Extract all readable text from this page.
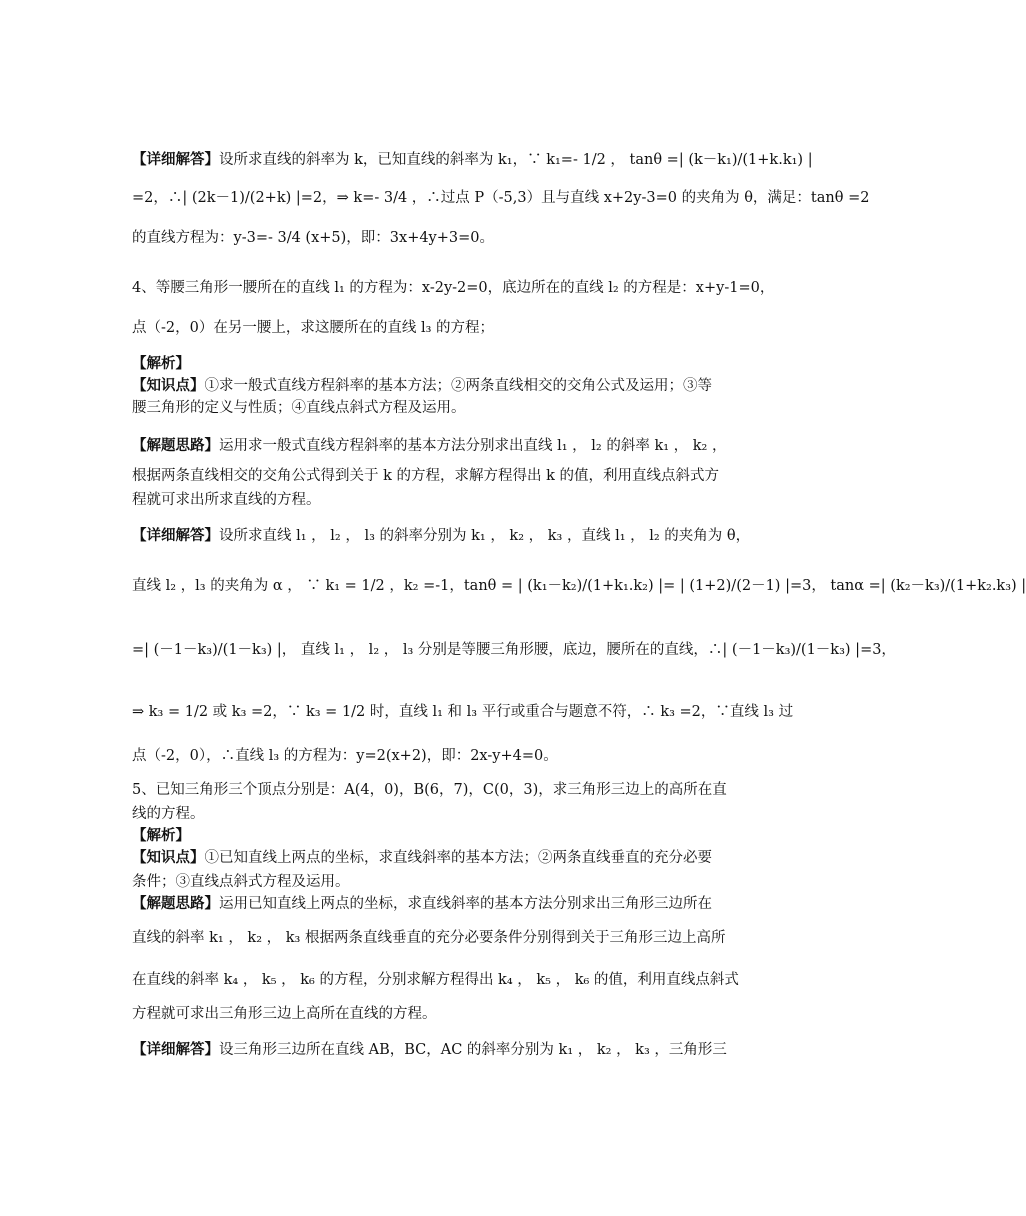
【详细解答】设所求直线的斜率为 k，已知直线的斜率为 k₁，∵ k₁=- 1/2 ， tanθ =| (k－k₁)/(1+k.k₁) |
=2，∴| (2k－1)/(2+k) |=2，⇒ k=- 3/4 ，∴过点 P（-5,3）且与直线 x+2y-3=0 的夹角为 θ，满足：tanθ =2
的直线方程为：y-3=- 3/4 (x+5)，即：3x+4y+3=0。
4、等腰三角形一腰所在的直线 l₁ 的方程为：x-2y-2=0，底边所在的直线 l₂ 的方程是：x+y-1=0，
点（-2，0）在另一腰上，求这腰所在的直线 l₃ 的方程；
【解析】
【知识点】①求一般式直线方程斜率的基本方法；②两条直线相交的交角公式及运用；③等
腰三角形的定义与性质；④直线点斜式方程及运用。
【解题思路】运用求一般式直线方程斜率的基本方法分别求出直线 l₁ ， l₂ 的斜率 k₁ ， k₂ ，
根据两条直线相交的交角公式得到关于 k 的方程，求解方程得出 k 的值，利用直线点斜式方
程就可求出所求直线的方程。
【详细解答】设所求直线 l₁ ， l₂ ， l₃ 的斜率分别为 k₁ ， k₂ ， k₃ ，直线 l₁ ， l₂ 的夹角为 θ，
直线 l₂ ，l₃ 的夹角为 α ， ∵ k₁ = 1/2 ，k₂ =-1，tanθ = | (k₁－k₂)/(1+k₁.k₂) |= | (1+2)/(2－1) |=3， tanα =| (k₂－k₃)/(1+k₂.k₃) |
=| (－1－k₃)/(1－k₃) |， 直线 l₁ ， l₂ ， l₃ 分别是等腰三角形腰，底边，腰所在的直线，∴| (－1－k₃)/(1－k₃) |=3，
⇒ k₃ = 1/2 或 k₃ =2，∵ k₃ = 1/2 时，直线 l₁ 和 l₃ 平行或重合与题意不符，∴ k₃ =2，∵直线 l₃ 过
点（-2，0），∴直线 l₃ 的方程为：y=2(x+2)，即：2x-y+4=0。
5、已知三角形三个顶点分别是：A(4，0)，B(6，7)，C(0，3)，求三角形三边上的高所在直
线的方程。
【解析】
【知识点】①已知直线上两点的坐标，求直线斜率的基本方法；②两条直线垂直的充分必要
条件；③直线点斜式方程及运用。
【解题思路】运用已知直线上两点的坐标，求直线斜率的基本方法分别求出三角形三边所在
直线的斜率 k₁ ， k₂ ， k₃ 根据两条直线垂直的充分必要条件分别得到关于三角形三边上高所
在直线的斜率 k₄ ， k₅ ， k₆ 的方程，分别求解方程得出 k₄ ， k₅ ， k₆ 的值，利用直线点斜式
方程就可求出三角形三边上高所在直线的方程。
【详细解答】设三角形三边所在直线 AB，BC，AC 的斜率分别为 k₁ ， k₂ ， k₃ ，三角形三
